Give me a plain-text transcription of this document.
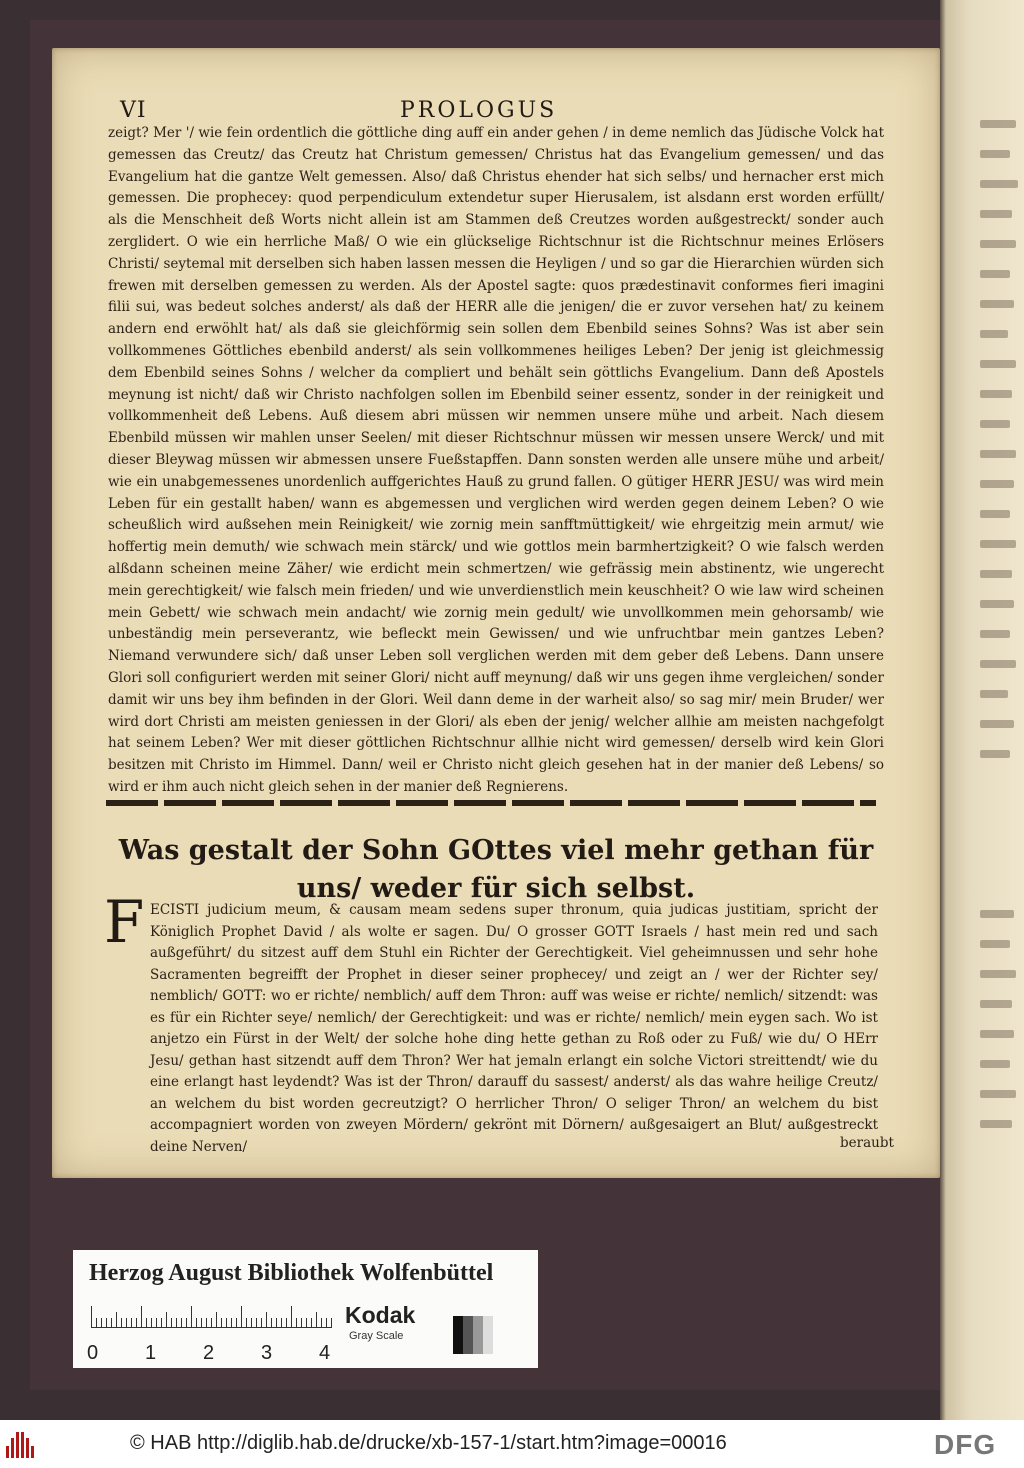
VI	PROLOGUS

zeigt? Mer '/ wie fein ordentlich die göttliche ding auff ein ander gehen / in deme nemlich das Jüdische Volck hat gemessen das Creutz/ das Creutz hat Christum gemessen/ Christus hat das Evangelium gemessen/ und das Evangelium hat die gantze Welt gemessen. Also/ daß Christus ehender hat sich selbs/ und hernacher erst mich gemessen. Die prophecey: quod perpendiculum extendetur super Hierusalem, ist alsdann erst worden erfüllt/ als die Menschheit deß Worts nicht allein ist am Stammen deß Creutzes worden außgestreckt/ sonder auch zerglidert. O wie ein herrliche Maß/ O wie ein glückselige Richtschnur ist die Richtschnur meines Erlösers Christi/ seytemal mit derselben sich haben lassen messen die Heyligen / und so gar die Hierarchien würden sich frewen mit derselben gemessen zu werden. Als der Apostel sagte: quos prædestinavit conformes fieri imagini filii sui, was bedeut solches anderst/ als daß der HERR alle die jenigen/ die er zuvor versehen hat/ zu keinem andern end erwöhlt hat/ als daß sie gleichförmig sein sollen dem Ebenbild seines Sohns? Was ist aber sein vollkommenes Göttliches ebenbild anderst/ als sein vollkommenes heiliges Leben? Der jenig ist gleichmessig dem Ebenbild seines Sohns / welcher da compliert und behält sein göttlichs Evangelium. Dann deß Apostels meynung ist nicht/ daß wir Christo nachfolgen sollen im Ebenbild seiner essentz, sonder in der reinigkeit und vollkommenheit deß Lebens. Auß diesem abri müssen wir nemmen unsere mühe und arbeit. Nach diesem Ebenbild müssen wir mahlen unser Seelen/ mit dieser Richtschnur müssen wir messen unsere Werck/ und mit dieser Bleywag müssen wir abmessen unsere Fueßstapffen. Dann sonsten werden alle unsere mühe und arbeit/ wie ein unabgemessenes unordenlich auffgerichtes Hauß zu grund fallen. O gütiger HERR JESU/ was wird mein Leben für ein gestallt haben/ wann es abgemessen und verglichen wird werden gegen deinem Leben? O wie scheußlich wird außsehen mein Reinigkeit/ wie zornig mein sanfftmüttigkeit/ wie ehrgeitzig mein armut/ wie hoffertig mein demuth/ wie schwach mein stärck/ und wie gottlos mein barmhertzigkeit? O wie falsch werden alßdann scheinen meine Zäher/ wie erdicht mein schmertzen/ wie gefrässig mein abstinentz, wie ungerecht mein gerechtigkeit/ wie falsch mein frieden/ und wie unverdienstlich mein keuschheit? O wie law wird scheinen mein Gebett/ wie schwach mein andacht/ wie zornig mein gedult/ wie unvollkommen mein gehorsamb/ wie unbeständig mein perseverantz, wie befleckt mein Gewissen/ und wie unfruchtbar mein gantzes Leben? Niemand verwundere sich/ daß unser Leben soll verglichen werden mit dem geber deß Lebens. Dann unsere Glori soll configuriert werden mit seiner Glori/ nicht auff meynung/ daß wir uns gegen ihme vergleichen/ sonder damit wir uns bey ihm befinden in der Glori. Weil dann deme in der warheit also/ so sag mir/ mein Bruder/ wer wird dort Christi am meisten geniessen in der Glori/ als eben der jenig/ welcher allhie am meisten nachgefolgt hat seinem Leben? Wer mit dieser göttlichen Richtschnur allhie nicht wird gemessen/ derselb wird kein Glori besitzen mit Christo im Himmel. Dann/ weil er Christo nicht gleich gesehen hat in der manier deß Lebens/ so wird er ihm auch nicht gleich sehen in der manier deß Regnierens.

Was gestalt der Sohn GOttes viel mehr gethan für uns/ weder für sich selbst.
F ECISTI judicium meum, & causam meam sedens super thronum, quia judicas justitiam, spricht der Königlich Prophet David / als wolte er sagen. Du/ O grosser GOTT Israels / hast mein red und sach außgeführt/ du sitzest auff dem Stuhl ein Richter der Gerechtigkeit. Viel geheimnussen und sehr hohe Sacramenten begreifft der Prophet in dieser seiner prophecey/ und zeigt an / wer der Richter sey/ nemblich/ GOTT: wo er richte/ nemblich/ auff dem Thron: auff was weise er richte/ nemlich/ sitzendt: was es für ein Richter seye/ nemlich/ der Gerechtigkeit: und was er richte/ nemlich/ mein eygen sach. Wo ist anjetzo ein Fürst in der Welt/ der solche hohe ding hette gethan zu Roß oder zu Fuß/ wie du/ O HErr Jesu/ gethan hast sitzendt auff dem Thron? Wer hat jemaln erlangt ein solche Victori streittendt/ wie du eine erlangt hast leydendt? Was ist der Thron/ darauff du sassest/ anderst/ als das wahre heilige Creutz/ an welchem du bist worden gecreutzigt? O herrlicher Thron/ O seliger Thron/ an welchem du bist accompagniert worden von zweyen Mördern/ gekrönt mit Dörnern/ außgesaigert an Blut/ außgestreckt deine Nerven/	beraubt
Herzog August Bibliothek Wolfenbüttel
0 1 2 3 4
Kodak
Gray Scale
© HAB http://diglib.hab.de/drucke/xb-157-1/start.htm?image=00016	DFG
